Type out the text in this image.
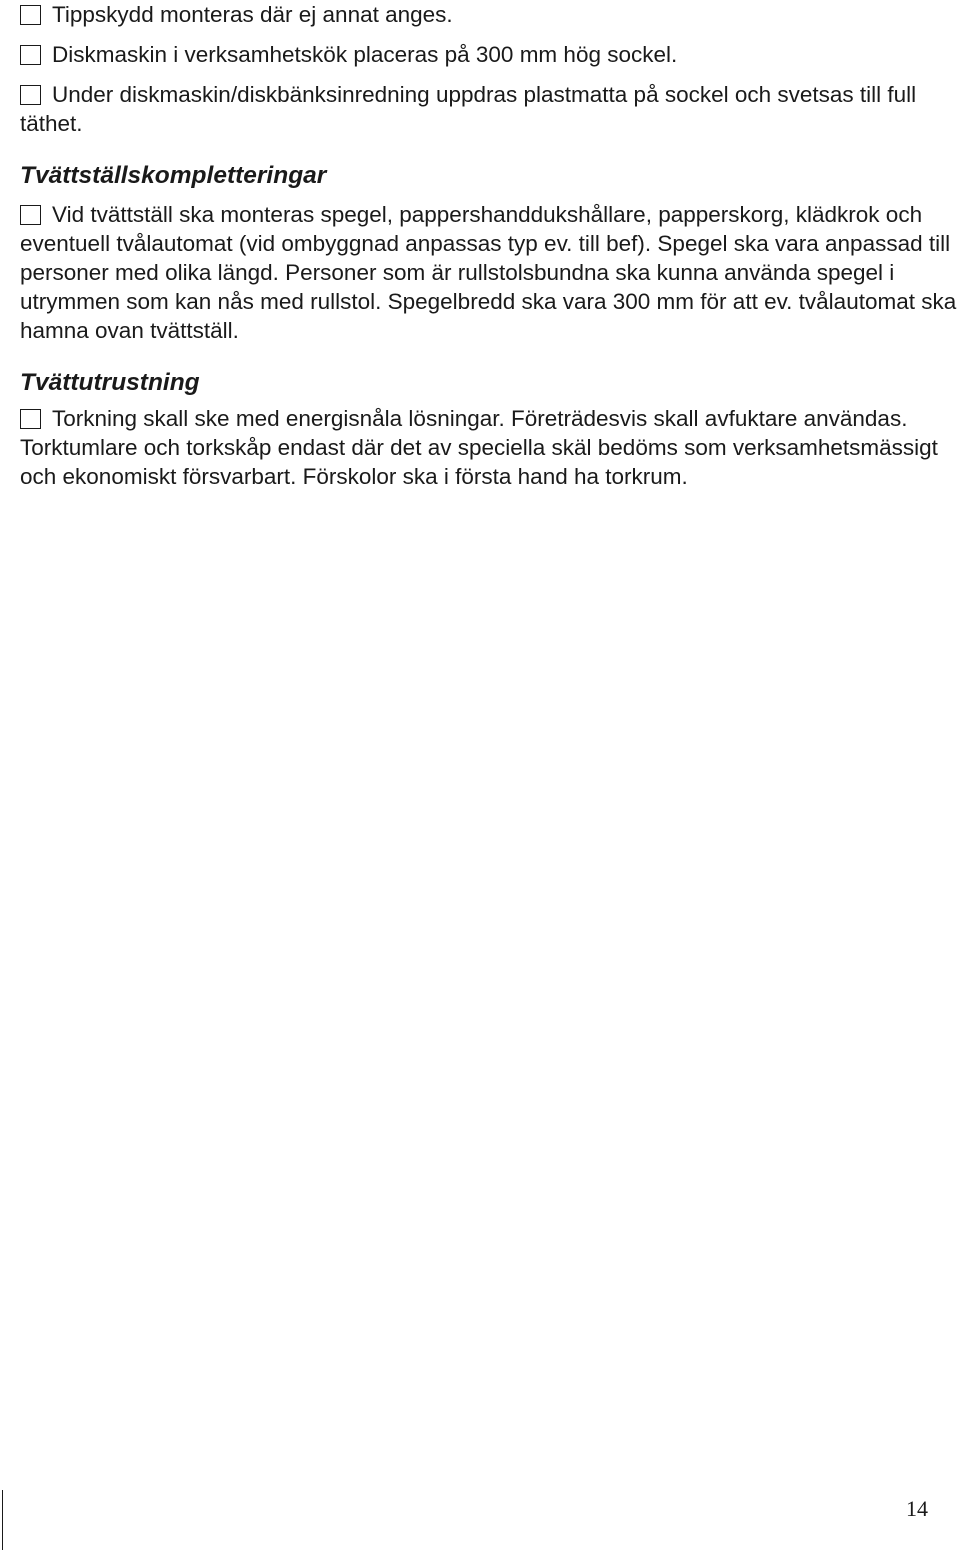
Tippskydd monteras där ej annat anges.

Diskmaskin i verksamhetskök placeras på 300 mm hög sockel.

Under diskmaskin/diskbänksinredning uppdras plastmatta på sockel och svetsas till full täthet.

Tvättställskompletteringar

Vid tvättställ ska monteras spegel, pappershanddukshållare, papperskorg, klädkrok och eventuell tvålautomat (vid ombyggnad anpassas typ ev. till bef). Spegel ska vara anpassad till personer med olika längd. Personer som är rullstolsbundna ska kunna använda spegel i utrymmen som kan nås med rullstol. Spegelbredd ska vara 300 mm för att ev. tvålautomat ska hamna ovan tvättställ.

Tvättutrustning

Torkning skall ske med energisnåla lösningar. Företrädesvis skall avfuktare användas. Torktumlare och torkskåp endast där det av speciella skäl bedöms som verksamhetsmässigt och ekonomiskt försvarbart. Förskolor ska i första hand ha torkrum.

14
